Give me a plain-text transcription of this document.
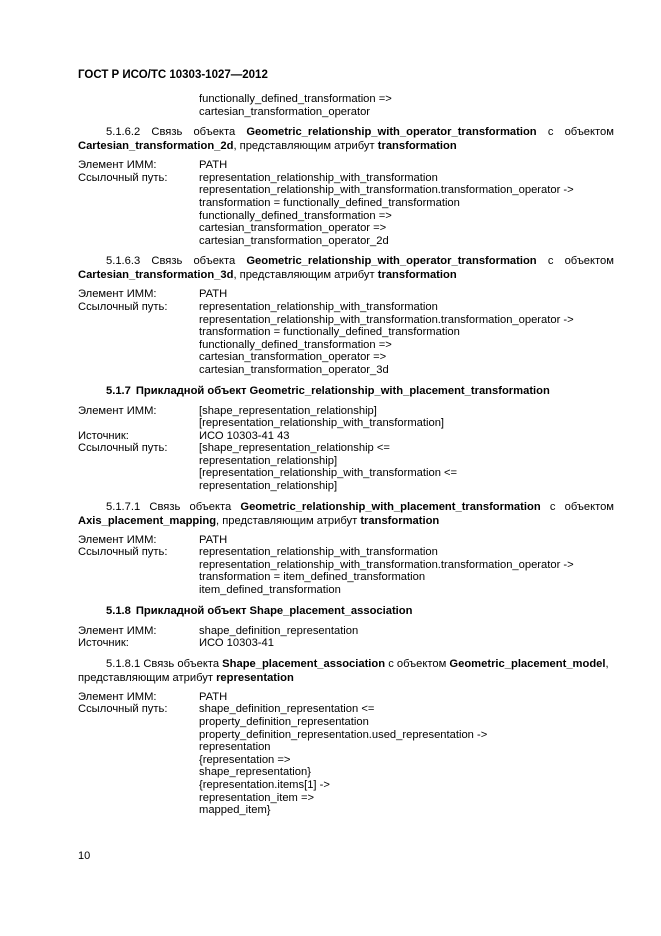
ГОСТ Р ИСО/ТС 10303-1027—2012
functionally_defined_transformation =>
cartesian_transformation_operator
5.1.6.2 Связь объекта Geometric_relationship_with_operator_transformation с объектом
Cartesian_transformation_2d, представляющим атрибут transformation
Элемент ИММ:	PATH
Ссылочный путь:	representation_relationship_with_transformation
representation_relationship_with_transformation.transformation_operator ->
transformation = functionally_defined_transformation
functionally_defined_transformation =>
cartesian_transformation_operator =>
cartesian_transformation_operator_2d
5.1.6.3 Связь объекта Geometric_relationship_with_operator_transformation с объектом
Cartesian_transformation_3d, представляющим атрибут transformation
Элемент ИММ:	PATH
Ссылочный путь:	representation_relationship_with_transformation
representation_relationship_with_transformation.transformation_operator ->
transformation = functionally_defined_transformation
functionally_defined_transformation =>
cartesian_transformation_operator =>
cartesian_transformation_operator_3d
5.1.7 Прикладной объект Geometric_relationship_with_placement_transformation
Элемент ИММ:	[shape_representation_relationship]
[representation_relationship_with_transformation]
Источник:	ИСО 10303-41 43
Ссылочный путь:	[shape_representation_relationship <=
representation_relationship]
[representation_relationship_with_transformation <=
representation_relationship]
5.1.7.1 Связь объекта Geometric_relationship_with_placement_transformation с объектом
Axis_placement_mapping, представляющим атрибут transformation
Элемент ИММ:	PATH
Ссылочный путь:	representation_relationship_with_transformation
representation_relationship_with_transformation.transformation_operator ->
transformation = item_defined_transformation
item_defined_transformation
5.1.8 Прикладной объект Shape_placement_association
Элемент ИММ:	shape_definition_representation
Источник:	ИСО 10303-41
5.1.8.1 Связь объекта Shape_placement_association с объектом Geometric_placement_model,
представляющим атрибут representation
Элемент ИММ:	PATH
Ссылочный путь:	shape_definition_representation <=
property_definition_representation
property_definition_representation.used_representation ->
representation
{representation =>
shape_representation}
{representation.items[1] ->
representation_item =>
mapped_item}
10
